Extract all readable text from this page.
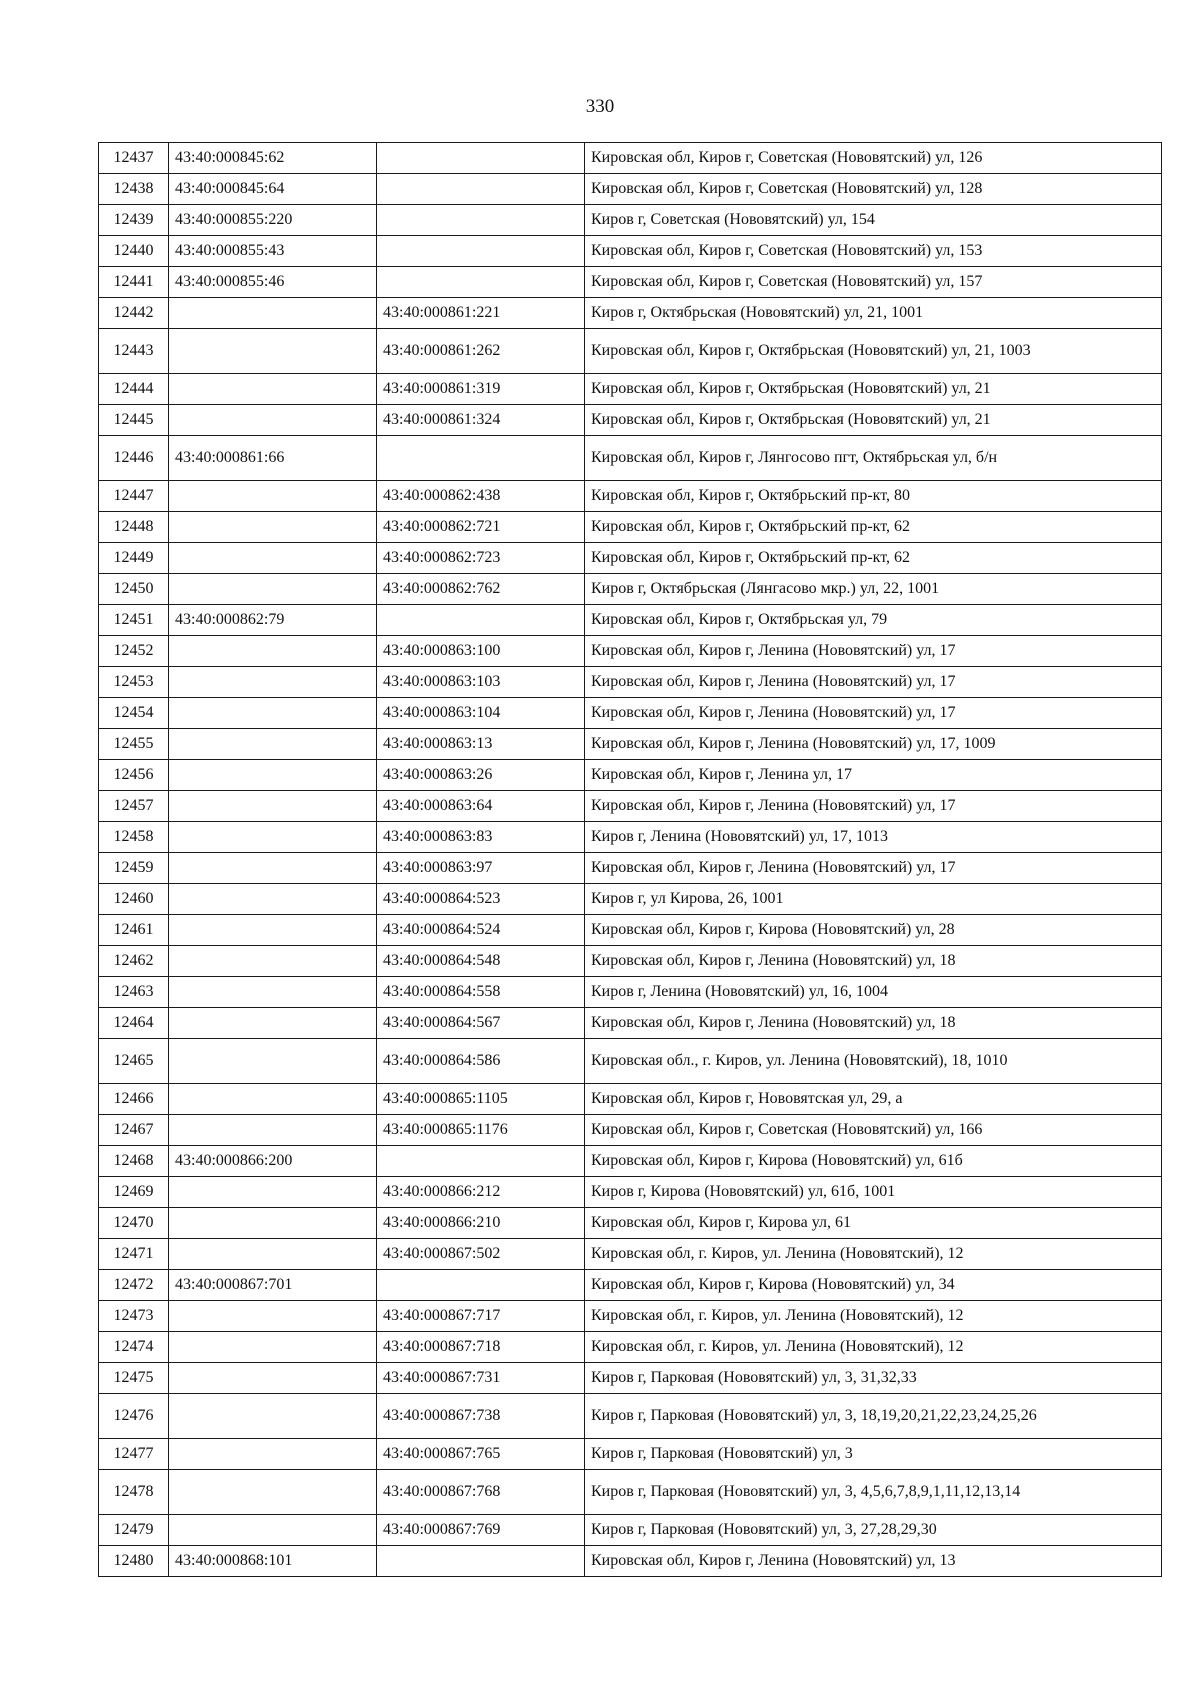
330
12437	43:40:000845:62		Кировская обл, Киров г, Советская (Нововятский) ул, 126
12438	43:40:000845:64		Кировская обл, Киров г, Советская (Нововятский) ул, 128
12439	43:40:000855:220		Киров г, Советская (Нововятский) ул, 154
12440	43:40:000855:43		Кировская обл, Киров г, Советская (Нововятский) ул, 153
12441	43:40:000855:46		Кировская обл, Киров г, Советская (Нововятский) ул, 157
12442		43:40:000861:221	Киров г, Октябрьская (Нововятский) ул, 21, 1001
12443		43:40:000861:262	Кировская обл, Киров г, Октябрьская (Нововятский) ул, 21, 1003
12444		43:40:000861:319	Кировская обл, Киров г, Октябрьская (Нововятский) ул, 21
12445		43:40:000861:324	Кировская обл, Киров г, Октябрьская (Нововятский) ул, 21
12446	43:40:000861:66		Кировская обл, Киров г, Лянгосово пгт, Октябрьская ул, б/н
12447		43:40:000862:438	Кировская обл, Киров г, Октябрьский пр-кт, 80
12448		43:40:000862:721	Кировская обл, Киров г, Октябрьский пр-кт, 62
12449		43:40:000862:723	Кировская обл, Киров г, Октябрьский пр-кт, 62
12450		43:40:000862:762	Киров г, Октябрьская (Лянгасово мкр.) ул, 22, 1001
12451	43:40:000862:79		Кировская обл, Киров г, Октябрьская ул, 79
12452		43:40:000863:100	Кировская обл, Киров г, Ленина (Нововятский) ул, 17
12453		43:40:000863:103	Кировская обл, Киров г, Ленина (Нововятский) ул, 17
12454		43:40:000863:104	Кировская обл, Киров г, Ленина (Нововятский) ул, 17
12455		43:40:000863:13	Кировская обл, Киров г, Ленина (Нововятский) ул, 17, 1009
12456		43:40:000863:26	Кировская обл, Киров г, Ленина ул, 17
12457		43:40:000863:64	Кировская обл, Киров г, Ленина (Нововятский) ул, 17
12458		43:40:000863:83	Киров г, Ленина (Нововятский) ул, 17, 1013
12459		43:40:000863:97	Кировская обл, Киров г, Ленина (Нововятский) ул, 17
12460		43:40:000864:523	Киров г, ул Кирова, 26, 1001
12461		43:40:000864:524	Кировская обл, Киров г, Кирова (Нововятский) ул, 28
12462		43:40:000864:548	Кировская обл, Киров г, Ленина (Нововятский) ул, 18
12463		43:40:000864:558	Киров г, Ленина (Нововятский) ул, 16, 1004
12464		43:40:000864:567	Кировская обл, Киров г, Ленина (Нововятский) ул, 18
12465		43:40:000864:586	Кировская обл., г. Киров, ул. Ленина (Нововятский), 18, 1010
12466		43:40:000865:1105	Кировская обл, Киров г, Нововятская ул, 29, а
12467		43:40:000865:1176	Кировская обл, Киров г, Советская (Нововятский) ул, 166
12468	43:40:000866:200		Кировская обл, Киров г, Кирова (Нововятский) ул, 61б
12469		43:40:000866:212	Киров г, Кирова (Нововятский) ул, 61б, 1001
12470		43:40:000866:210	Кировская обл, Киров г, Кирова ул, 61
12471		43:40:000867:502	Кировская обл, г. Киров, ул. Ленина (Нововятский), 12
12472	43:40:000867:701		Кировская обл, Киров г, Кирова (Нововятский) ул, 34
12473		43:40:000867:717	Кировская обл, г. Киров, ул. Ленина (Нововятский), 12
12474		43:40:000867:718	Кировская обл, г. Киров, ул. Ленина (Нововятский), 12
12475		43:40:000867:731	Киров г, Парковая (Нововятский) ул, 3, 31,32,33
12476		43:40:000867:738	Киров г, Парковая (Нововятский) ул, 3, 18,19,20,21,22,23,24,25,26
12477		43:40:000867:765	Киров г, Парковая (Нововятский) ул, 3
12478		43:40:000867:768	Киров г, Парковая (Нововятский) ул, 3, 4,5,6,7,8,9,1,11,12,13,14
12479		43:40:000867:769	Киров г, Парковая (Нововятский) ул, 3, 27,28,29,30
12480	43:40:000868:101		Кировская обл, Киров г, Ленина (Нововятский) ул, 13
